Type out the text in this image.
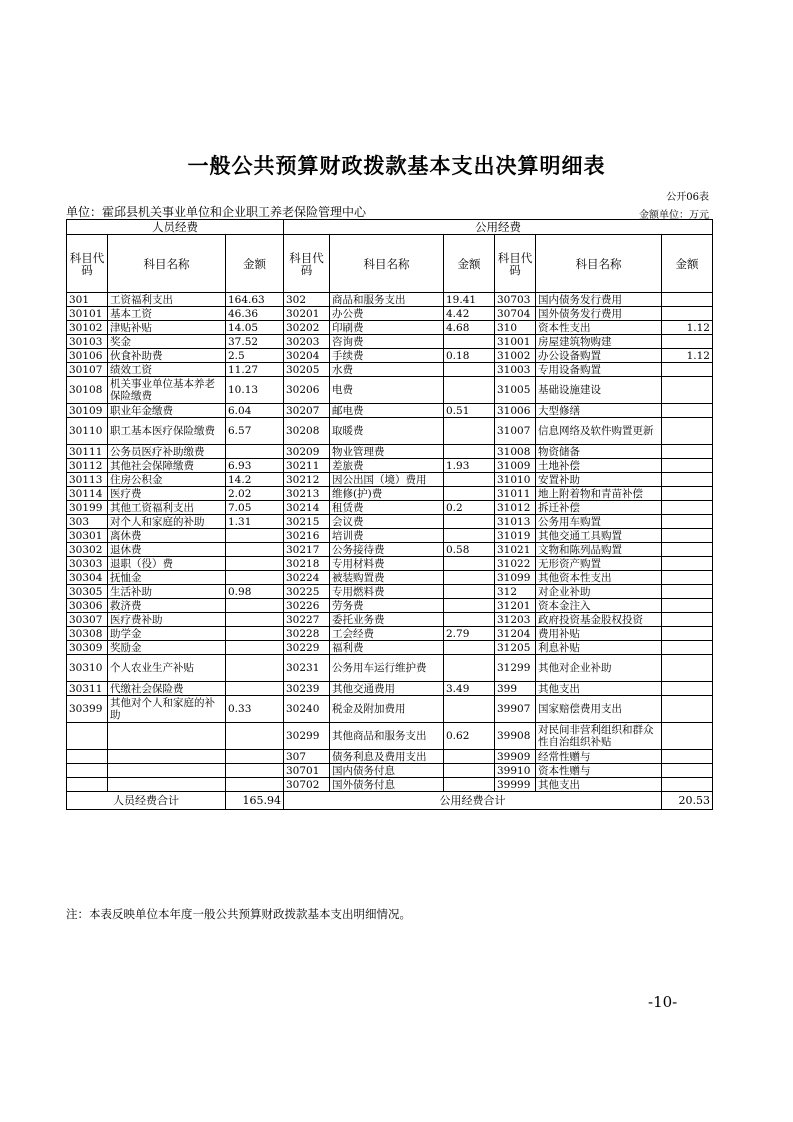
一般公共预算财政拨款基本支出决算明细表
公开06表
单位：霍邱县机关事业单位和企业职工养老保险管理中心	金额单位：万元
人员经费			公用经费					
科目代码	科目名称	金额	科目代码	科目名称	金额	科目代码	科目名称	金额
301	工资福利支出	164.63	302	商品和服务支出	19.41	30703	国内债务发行费用	
30101	基本工资	46.36	30201	办公费	4.42	30704	国外债务发行费用	
30102	津贴补贴	14.05	30202	印刷费	4.68	310	资本性支出	1.12
30103	奖金	37.52	30203	咨询费		31001	房屋建筑物购建	
30106	伙食补助费	2.5	30204	手续费	0.18	31002	办公设备购置	1.12
30107	绩效工资	11.27	30205	水费		31003	专用设备购置	
30108	机关事业单位基本养老保险缴费	10.13	30206	电费		31005	基础设施建设	
30109	职业年金缴费	6.04	30207	邮电费	0.51	31006	大型修缮	
30110	职工基本医疗保险缴费	6.57	30208	取暖费		31007	信息网络及软件购置更新	
30111	公务员医疗补助缴费		30209	物业管理费		31008	物资储备	
30112	其他社会保障缴费	6.93	30211	差旅费	1.93	31009	土地补偿	
30113	住房公积金	14.2	30212	因公出国（境）费用		31010	安置补助	
30114	医疗费	2.02	30213	维修(护)费		31011	地上附着物和青苗补偿	
30199	其他工资福利支出	7.05	30214	租赁费	0.2	31012	拆迁补偿	
303	对个人和家庭的补助	1.31	30215	会议费		31013	公务用车购置	
30301	离休费		30216	培训费		31019	其他交通工具购置	
30302	退休费		30217	公务接待费	0.58	31021	文物和陈列品购置	
30303	退职（役）费		30218	专用材料费		31022	无形资产购置	
30304	抚恤金		30224	被装购置费		31099	其他资本性支出	
30305	生活补助	0.98	30225	专用燃料费		312	对企业补助	
30306	救济费		30226	劳务费		31201	资本金注入	
30307	医疗费补助		30227	委托业务费		31203	政府投资基金股权投资	
30308	助学金		30228	工会经费	2.79	31204	费用补贴	
30309	奖励金		30229	福利费		31205	利息补贴	
30310	个人农业生产补贴		30231	公务用车运行维护费		31299	其他对企业补助	
30311	代缴社会保险费		30239	其他交通费用	3.49	399	其他支出	
30399	其他对个人和家庭的补助	0.33	30240	税金及附加费用		39907	国家赔偿费用支出	
			30299	其他商品和服务支出	0.62	39908	对民间非营利组织和群众性自治组织补贴	
			307	债务利息及费用支出		39909	经常性赠与	
			30701	国内债务付息		39910	资本性赠与	
			30702	国外债务付息		39999	其他支出	
人员经费合计		165.94	公用经费合计					20.53
注：本表反映单位本年度一般公共预算财政拨款基本支出明细情况。
-10-
